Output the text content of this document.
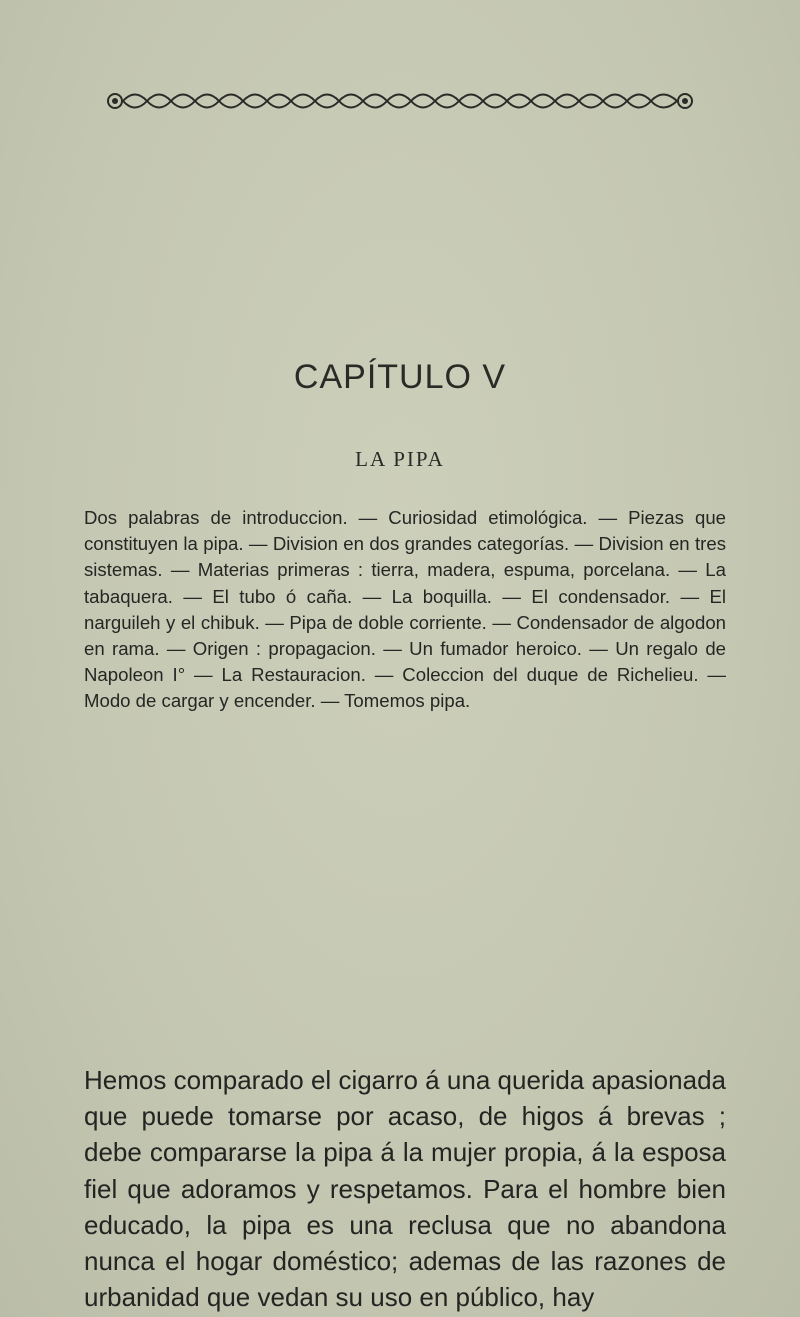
CAPÍTULO V
LA PIPA

Dos palabras de introduccion. — Curiosidad etimológica. — Piezas que constituyen la pipa. — Division en dos grandes categorías. — Division en tres sistemas. — Materias primeras : tierra, madera, espuma, porcelana. — La tabaquera. — El tubo ó caña. — La boquilla. — El condensador. — El narguileh y el chibuk. — Pipa de doble corriente. — Condensador de algodon en rama. — Origen : propagacion. — Un fumador heroico. — Un regalo de Napoleon I° — La Restauracion. — Coleccion del duque de Richelieu. — Modo de cargar y encender. — Tomemos pipa.

Hemos comparado el cigarro á una querida apasionada que puede tomarse por acaso, de higos á brevas ; debe compararse la pipa á la mujer propia, á la esposa fiel que adoramos y respetamos. Para el hombre bien educado, la pipa es una reclusa que no abandona nunca el hogar doméstico; ademas de las razones de urbanidad que vedan su uso en público, hay
